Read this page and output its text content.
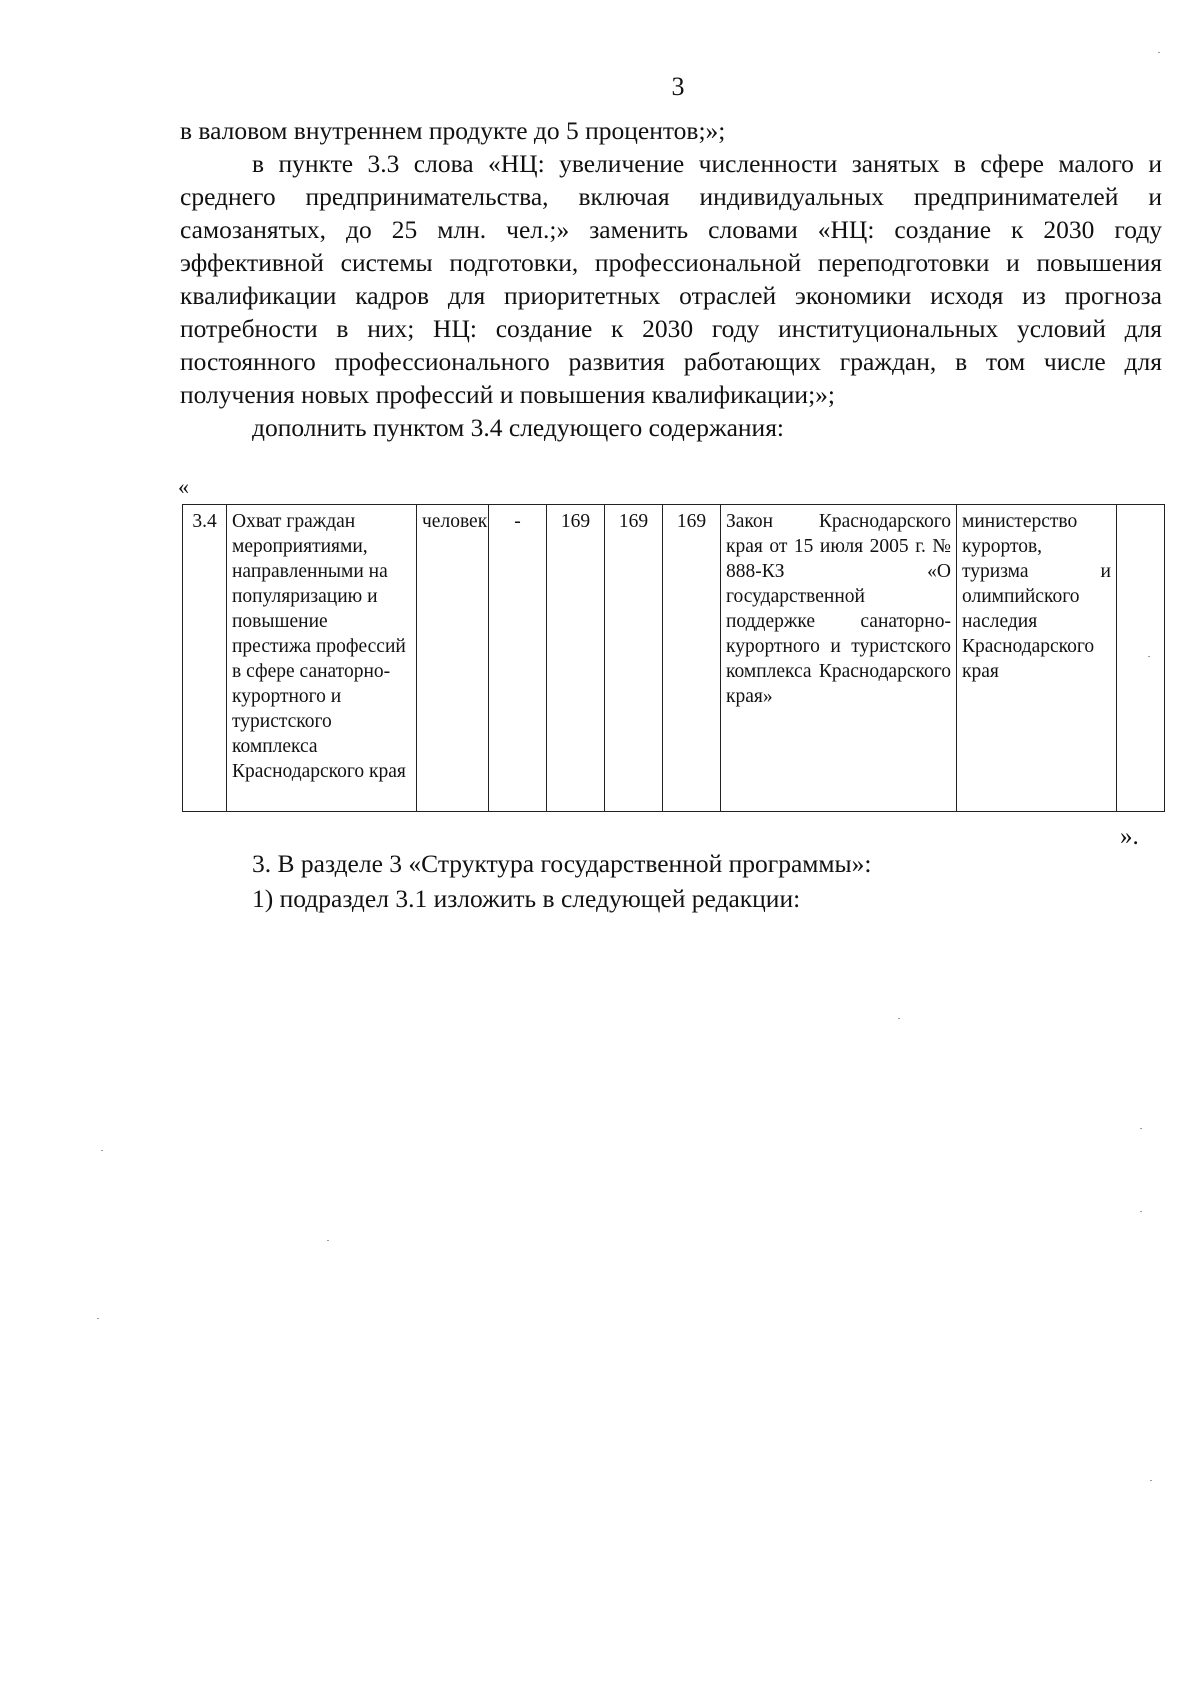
3

в валовом внутреннем продукте до 5 процентов;»;

в пункте 3.3 слова «НЦ: увеличение численности занятых в сфере малого и среднего предпринимательства, включая индивидуальных предпринимателей и самозанятых, до 25 млн. чел.;» заменить словами «НЦ: создание к 2030 году эффективной системы подготовки, профессиональной переподготовки и повышения квалификации кадров для приоритетных отраслей экономики исходя из прогноза потребности в них; НЦ: создание к 2030 году институциональных условий для постоянного профессионального развития работающих граждан, в том числе для получения новых профессий и повышения квалификации;»;

дополнить пунктом 3.4 следующего содержания:

«
3.4	Охват граждан мероприятиями, направленными на популяризацию и повышение престижа профессий в сфере санаторно-курортного и туристского комплекса Краснодарского края	человек	-	169	169	169	Закон Краснодарского края от 15 июля 2005 г. № 888-КЗ «О государственной поддержке санаторно-курортного и туристского комплекса Краснодарского края»	министерство курортов, туризма и олимпийского наследия Краснодарского края	
».

3. В разделе 3 «Структура государственной программы»:

1) подраздел 3.1 изложить в следующей редакции:
